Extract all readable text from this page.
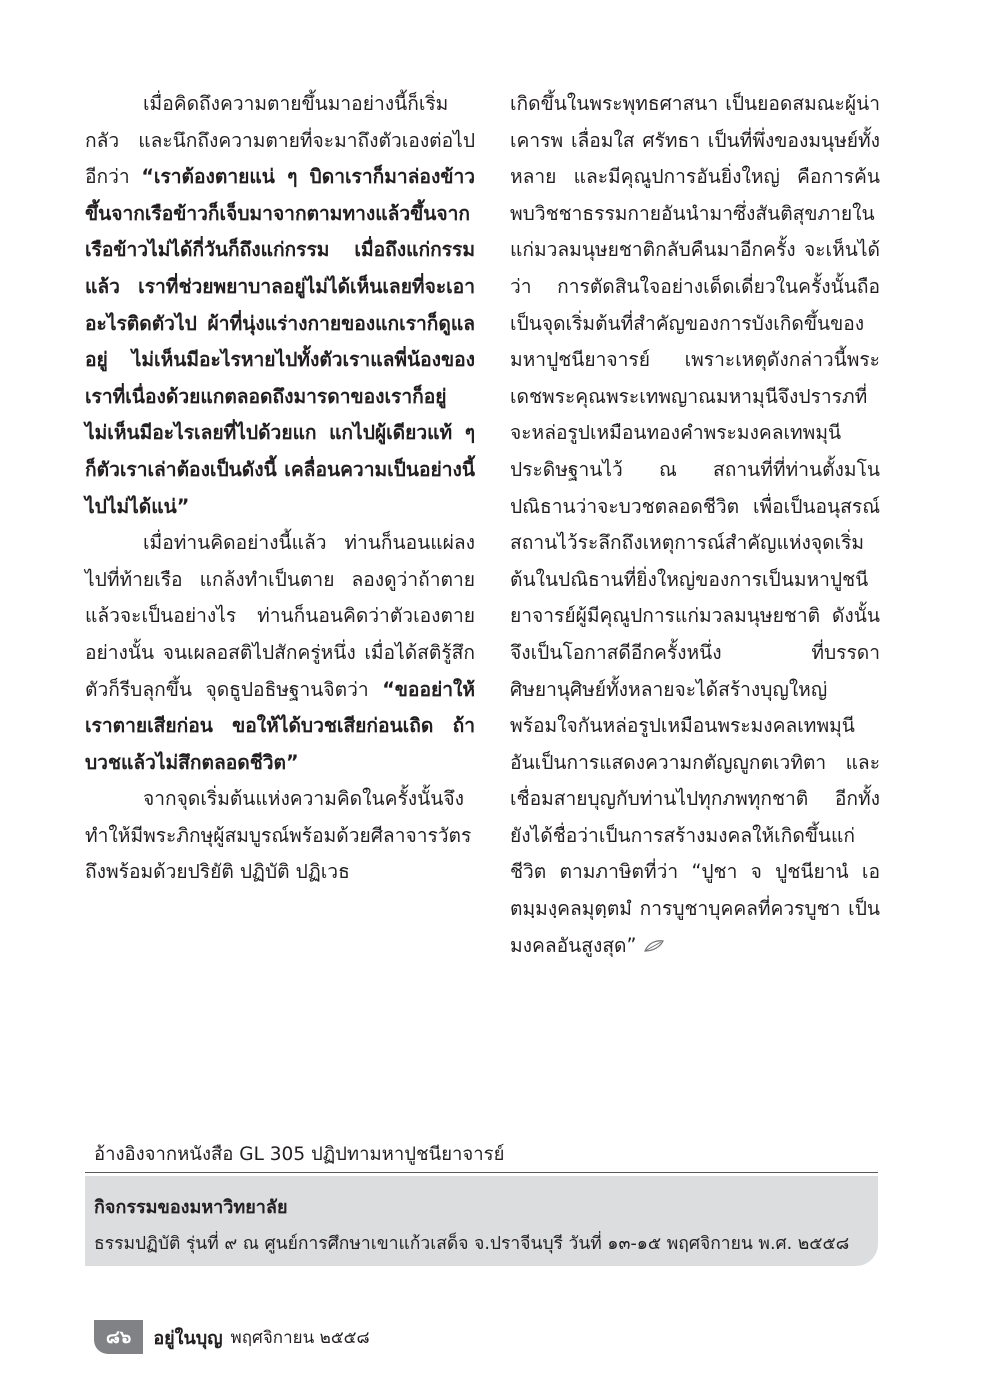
เมื่อคิดถึงความตายขึ้นมาอย่างนี้ก็เริ่มกลัว และนึกถึงความตายที่จะมาถึงตัวเองต่อไปอีกว่า “เราต้องตายแน่ ๆ บิดาเราก็มาล่องข้าว ขึ้นจากเรือข้าวก็เจ็บมาจากตามทางแล้วขึ้นจากเรือข้าวไม่ได้กี่วันก็ถึงแก่กรรม เมื่อถึงแก่กรรมแล้ว เราที่ช่วยพยาบาลอยู่ไม่ได้เห็นเลยที่จะเอาอะไรติดตัวไป ผ้าที่นุ่งแร่างกายของแกเราก็ดูแลอยู่ ไม่เห็นมีอะไรหายไปทั้งตัวเราแลพี่น้องของเราที่เนื่องด้วยแกตลอดถึงมารดาของเราก็อยู่ ไม่เห็นมีอะไรเลยที่ไปด้วยแก แกไปผู้เดียวแท้ ๆ ก็ตัวเราเล่าต้องเป็นดังนี้ เคลื่อนความเป็นอย่างนี้ไปไม่ได้แน่”

เมื่อท่านคิดอย่างนี้แล้ว ท่านก็นอนแผ่ลงไปที่ท้ายเรือ แกล้งทำเป็นตาย ลองดูว่าถ้าตายแล้วจะเป็นอย่างไร ท่านก็นอนคิดว่าตัวเองตายอย่างนั้น จนเผลอสติไปสักครู่หนึ่ง เมื่อได้สติรู้สึกตัวก็รีบลุกขึ้น จุดธูปอธิษฐานจิตว่า “ขออย่าให้เราตายเสียก่อน ขอให้ได้บวชเสียก่อนเถิด ถ้าบวชแล้วไม่สึกตลอดชีวิต”

จากจุดเริ่มต้นแห่งความคิดในครั้งนั้นจึงทำให้มีพระภิกษุผู้สมบูรณ์พร้อมด้วยศีลาจารวัตร ถึงพร้อมด้วยปริยัติ ปฏิบัติ ปฏิเวธ

เกิดขึ้นในพระพุทธศาสนา เป็นยอดสมณะผู้น่าเคารพ เลื่อมใส ศรัทธา เป็นที่พึ่งของมนุษย์ทั้งหลาย และมีคุณูปการอันยิ่งใหญ่ คือการค้นพบวิชชาธรรมกายอันนำมาซึ่งสันติสุขภายในแก่มวลมนุษยชาติกลับคืนมาอีกครั้ง จะเห็นได้ว่า การตัดสินใจอย่างเด็ดเดี่ยวในครั้งนั้นถือเป็นจุดเริ่มต้นที่สำคัญของการบังเกิดขึ้นของมหาปูชนียาจารย์ เพราะเหตุดังกล่าวนี้พระเดชพระคุณพระเทพญาณมหามุนีจึงปรารภที่จะหล่อรูปเหมือนทองคำพระมงคลเทพมุนีประดิษฐานไว้ ณ สถานที่ที่ท่านตั้งมโนปณิธานว่าจะบวชตลอดชีวิต เพื่อเป็นอนุสรณ์สถานไว้ระลึกถึงเหตุการณ์สำคัญแห่งจุดเริ่มต้นในปณิธานที่ยิ่งใหญ่ของการเป็นมหาปูชนียาจารย์ผู้มีคุณูปการแก่มวลมนุษยชาติ ดังนั้นจึงเป็นโอกาสดีอีกครั้งหนึ่ง ที่บรรดาศิษยานุศิษย์ทั้งหลายจะได้สร้างบุญใหญ่ พร้อมใจกันหล่อรูปเหมือนพระมงคลเทพมุนี อันเป็นการแสดงความกตัญญูกตเวทิตา และเชื่อมสายบุญกับท่านไปทุกภพทุกชาติ อีกทั้งยังได้ชื่อว่าเป็นการสร้างมงคลให้เกิดขึ้นแก่ชีวิต ตามภาษิตที่ว่า “ปูชา จ ปูชนียานํ เอตมฺมงฺคลมุตฺตมํ การบูชาบุคคลที่ควรบูชา เป็นมงคลอันสูงสุด”

อ้างอิงจากหนังสือ GL 305 ปฏิปทามหาปูชนียาจารย์
กิจกรรมของมหาวิทยาลัย
ธรรมปฏิบัติ รุ่นที่ ๙ ณ ศูนย์การศึกษาเขาแก้วเสด็จ จ.ปราจีนบุรี วันที่ ๑๓-๑๕ พฤศจิกายน พ.ศ. ๒๕๕๘
๘๖	อยู่ในบุญ พฤศจิกายน ๒๕๕๘
